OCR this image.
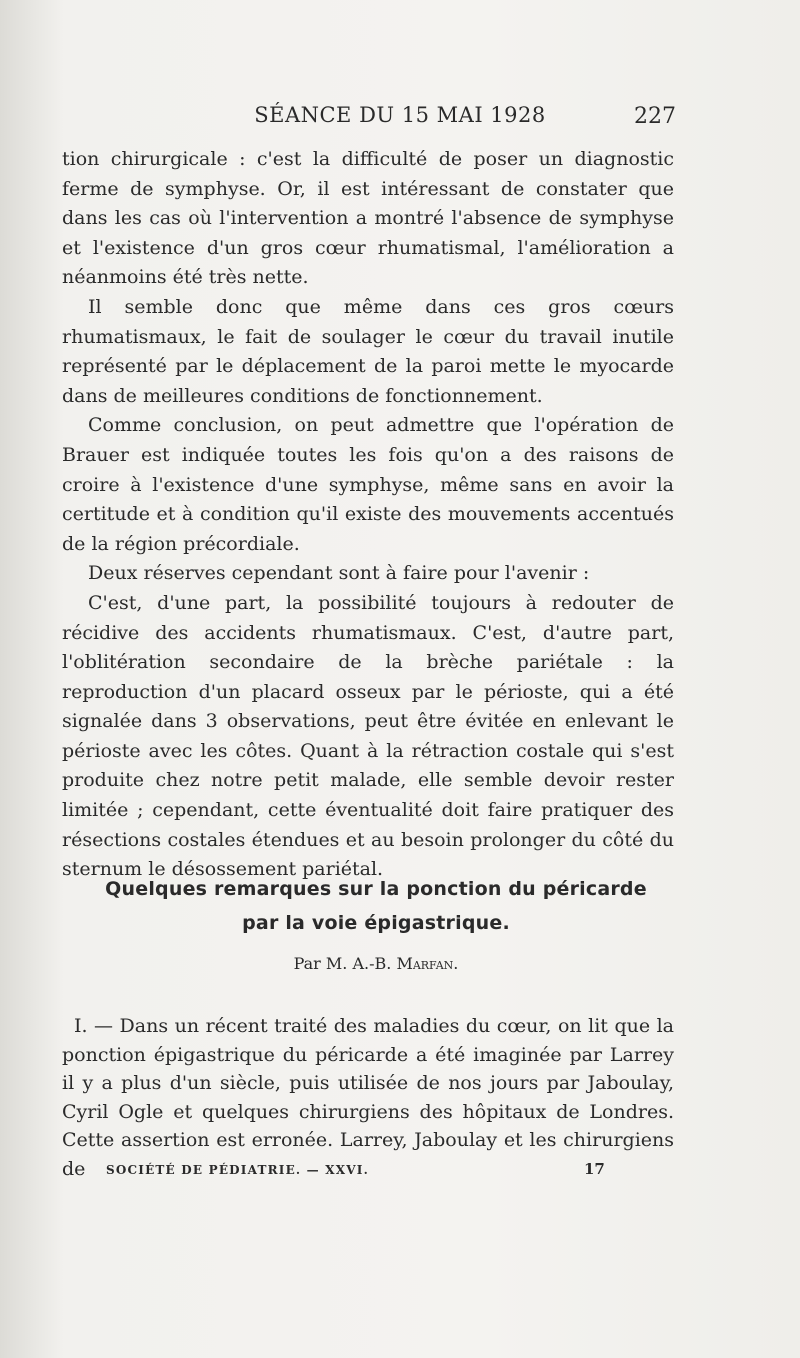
SÉANCE DU 15 MAI 1928	227

tion chirurgicale : c'est la difficulté de poser un diagnostic ferme de symphyse. Or, il est intéressant de constater que dans les cas où l'intervention a montré l'absence de symphyse et l'existence d'un gros cœur rhumatismal, l'amélioration a néanmoins été très nette.

Il semble donc que même dans ces gros cœurs rhumatismaux, le fait de soulager le cœur du travail inutile représenté par le déplacement de la paroi mette le myocarde dans de meilleures conditions de fonctionnement.

Comme conclusion, on peut admettre que l'opération de Brauer est indiquée toutes les fois qu'on a des raisons de croire à l'existence d'une symphyse, même sans en avoir la certitude et à condition qu'il existe des mouvements accentués de la région précordiale.

Deux réserves cependant sont à faire pour l'avenir :

C'est, d'une part, la possibilité toujours à redouter de récidive des accidents rhumatismaux. C'est, d'autre part, l'oblitération secondaire de la brèche pariétale : la reproduction d'un placard osseux par le périoste, qui a été signalée dans 3 observations, peut être évitée en enlevant le périoste avec les côtes. Quant à la rétraction costale qui s'est produite chez notre petit malade, elle semble devoir rester limitée ; cependant, cette éventualité doit faire pratiquer des résections costales étendues et au besoin prolonger du côté du sternum le désossement pariétal.

Quelques remarques sur la ponction du péricarde
par la voie épigastrique.
Par M. A.-B. Marfan.

I. — Dans un récent traité des maladies du cœur, on lit que la ponction épigastrique du péricarde a été imaginée par Larrey il y a plus d'un siècle, puis utilisée de nos jours par Jaboulay, Cyril Ogle et quelques chirurgiens des hôpitaux de Londres. Cette assertion est erronée. Larrey, Jaboulay et les chirurgiens de	SOCIÉTÉ DE PÉDIATRIE. — XXVI.	17
